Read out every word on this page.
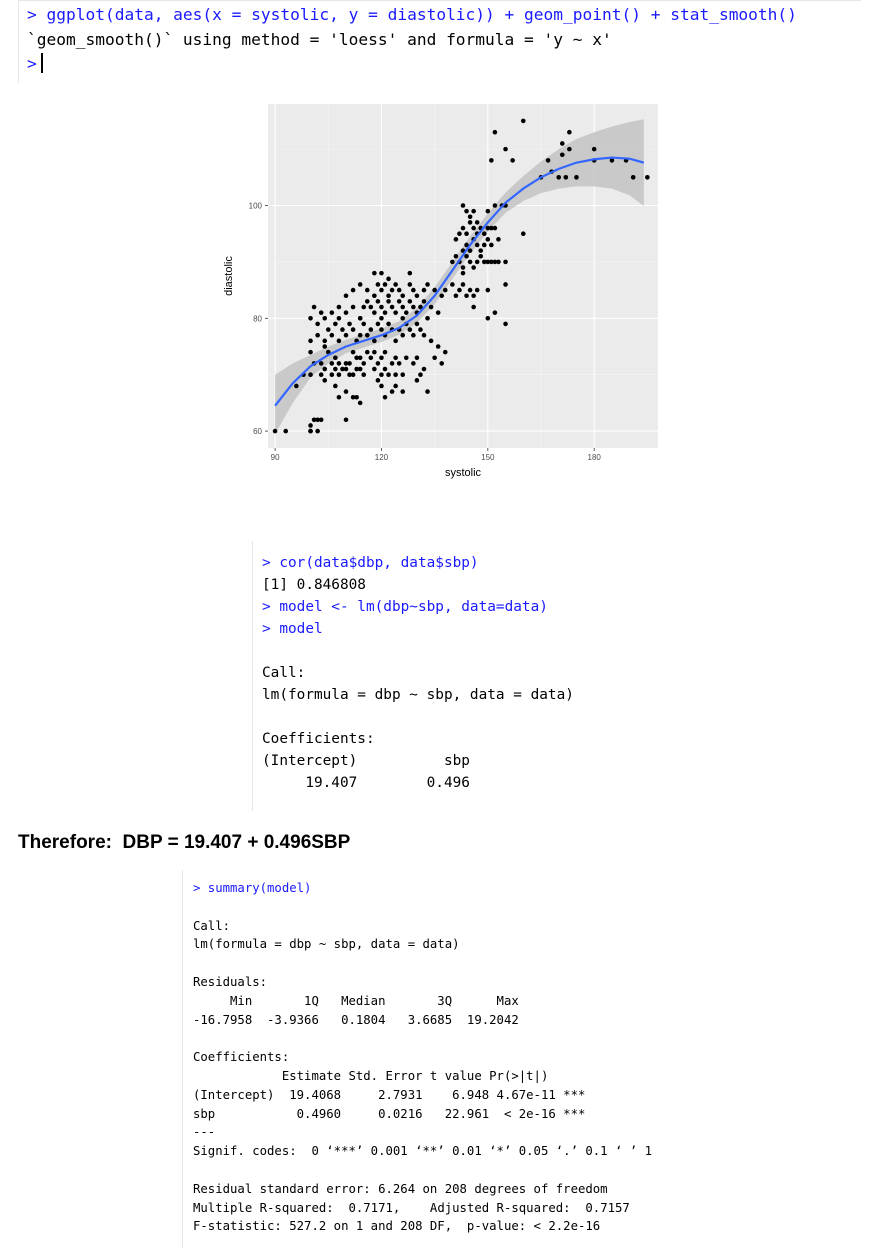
> ggplot(data, aes(x = systolic, y = diastolic)) + geom_point() + stat_smooth()
`geom_smooth()` using method = 'loess' and formula = 'y ~ x'
>
90	120	150	180
60
80
100
systolic
diastolic
> cor(data$dbp, data$sbp)
[1] 0.846808
> model <- lm(dbp~sbp, data=data)
> model
Call:
lm(formula = dbp ~ sbp, data = data)
Coefficients:
(Intercept)          sbp
19.407        0.496
Therefore:  DBP = 19.407 + 0.496SBP
> summary(model)
Call:
lm(formula = dbp ~ sbp, data = data)
Residuals:
Min       1Q   Median       3Q      Max
-16.7958  -3.9366   0.1804   3.6685  19.2042
Coefficients:
Estimate Std. Error t value Pr(>|t|)
(Intercept)  19.4068     2.7931    6.948 4.67e-11 ***
sbp           0.4960     0.0216   22.961  < 2e-16 ***
---
Signif. codes:  0 ‘***’ 0.001 ‘**’ 0.01 ‘*’ 0.05 ‘.’ 0.1 ‘ ’ 1
Residual standard error: 6.264 on 208 degrees of freedom
Multiple R-squared:  0.7171,	Adjusted R-squared:  0.7157
F-statistic: 527.2 on 1 and 208 DF,  p-value: < 2.2e-16
